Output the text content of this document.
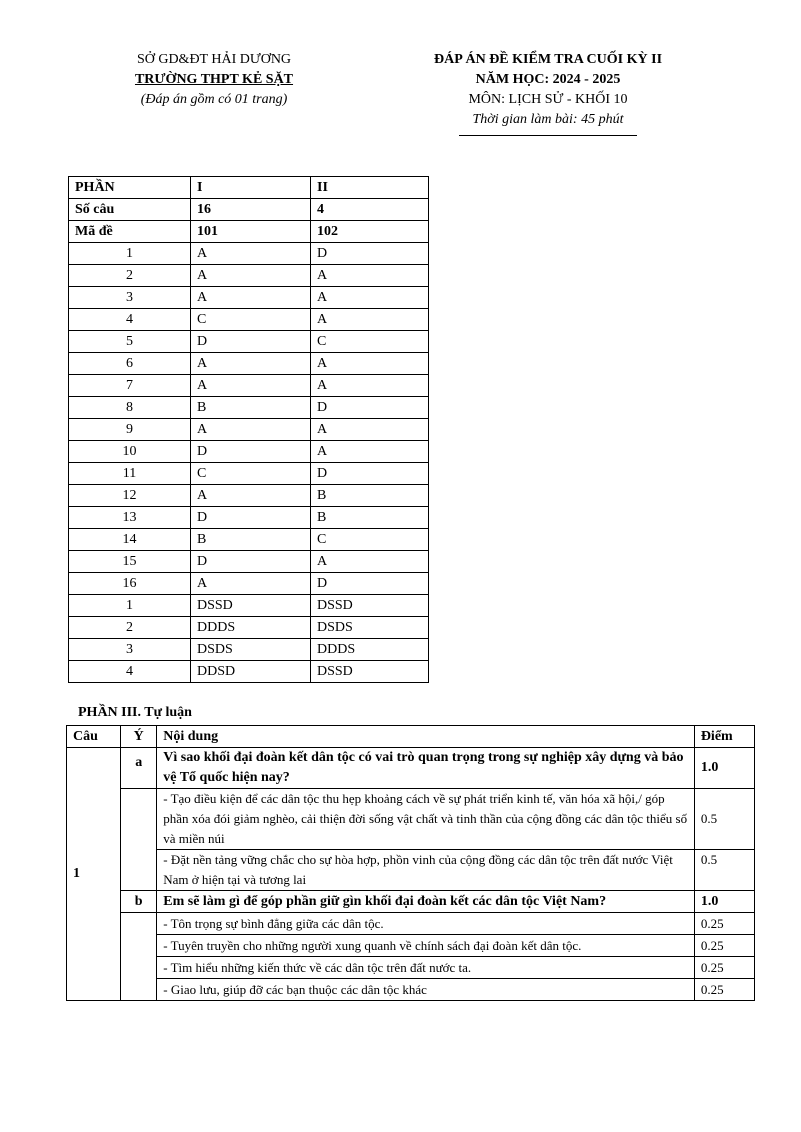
SỞ GD&ĐT HẢI DƯƠNG
TRƯỜNG THPT KẺ SẶT
(Đáp án gồm có 01 trang)
ĐÁP ÁN ĐỀ KIỂM TRA CUỐI KỲ II
NĂM HỌC: 2024 - 2025
MÔN: LỊCH SỬ - KHỐI 10
Thời gian làm bài: 45 phút
PHẦN	I	II
Số câu	16	4
Mã đề	101	102
1	A	D
2	A	A
3	A	A
4	C	A
5	D	C
6	A	A
7	A	A
8	B	D
9	A	A
10	D	A
11	C	D
12	A	B
13	D	B
14	B	C
15	D	A
16	A	D
1	DSSD	DSSD
2	DDDS	DSDS
3	DSDS	DDDS
4	DDSD	DSSD
PHẦN III. Tự luận
Câu	Ý	Nội dung	Điểm
1	a	Vì sao khối đại đoàn kết dân tộc có vai trò quan trọng trong sự nghiệp xây dựng và bảo vệ Tổ quốc hiện nay?	1.0
		- Tạo điều kiện để các dân tộc thu hẹp khoảng cách về sự phát triển kinh tế, văn hóa xã hội,/ góp phần xóa đói giảm nghèo, cải thiện đời sống vật chất và tinh thần của cộng đồng các dân tộc thiểu số và miền núi	0.5
		- Đặt nền tảng vững chắc cho sự hòa hợp, phồn vinh của cộng đồng các dân tộc trên đất nước Việt Nam ở hiện tại và tương lai	0.5
	b	Em sẽ làm gì để góp phần giữ gìn khối đại đoàn kết các dân tộc Việt Nam?	1.0
		- Tôn trọng sự bình đẳng giữa các dân tộc.	0.25
		- Tuyên truyền cho những người xung quanh về chính sách đại đoàn kết dân tộc.	0.25
		- Tìm hiểu những kiến thức về các dân tộc trên đất nước ta.	0.25
		- Giao lưu, giúp đỡ các bạn thuộc các dân tộc khác	0.25
